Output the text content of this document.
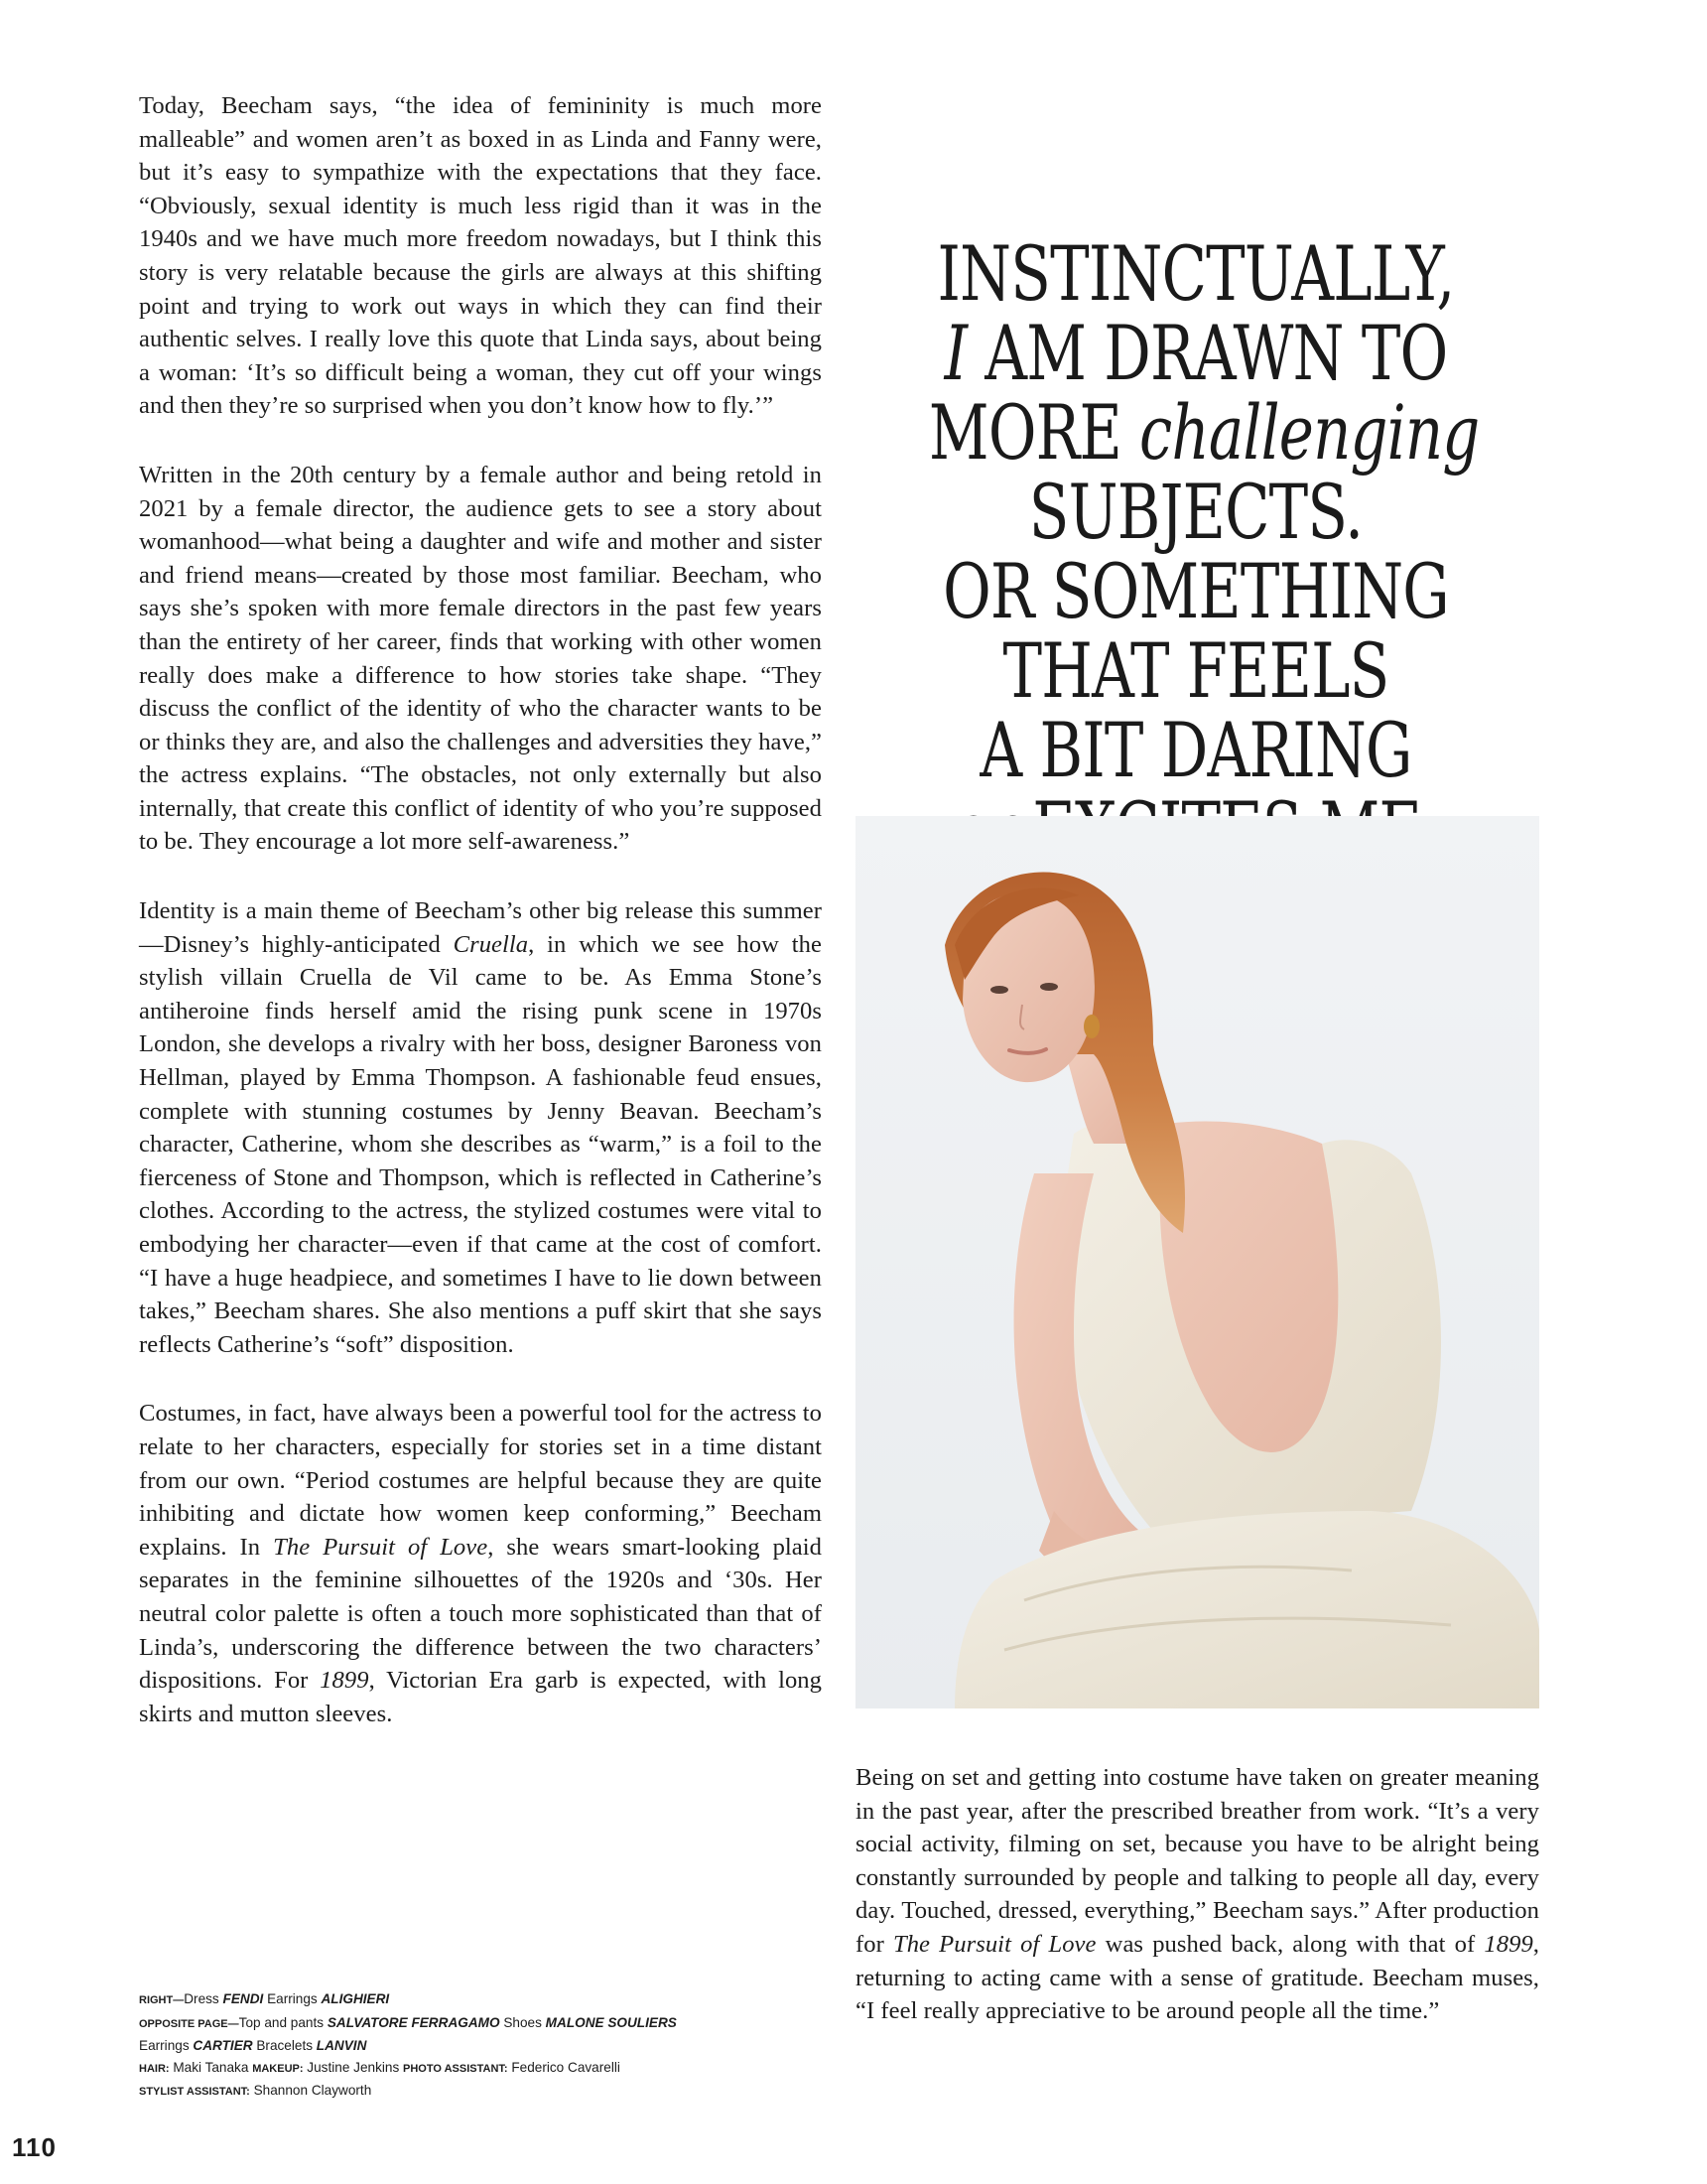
Today, Beecham says, “the idea of femininity is much more malleable” and women aren’t as boxed in as Linda and Fanny were, but it’s easy to sympathize with the expectations that they face. “Obviously, sexual identity is much less rigid than it was in the 1940s and we have much more freedom nowadays, but I think this story is very relatable because the girls are always at this shifting point and trying to work out ways in which they can find their authentic selves. I really love this quote that Linda says, about being a woman: ‘It’s so difficult being a woman, they cut off your wings and then they’re so surprised when you don’t know how to fly.’”

Written in the 20th century by a female author and being retold in 2021 by a female director, the audience gets to see a story about womanhood—what being a daughter and wife and mother and sister and friend means—created by those most familiar. Beecham, who says she’s spoken with more female directors in the past few years than the entirety of her career, finds that working with other women really does make a difference to how stories take shape. “They discuss the conflict of the identity of who the character wants to be or thinks they are, and also the challenges and adversities they have,” the actress explains. “The obstacles, not only externally but also internally, that create this conflict of identity of who you’re supposed to be. They encourage a lot more self-awareness.”

Identity is a main theme of Beecham’s other big release this summer—Disney’s highly-anticipated Cruella, in which we see how the stylish villain Cruella de Vil came to be. As Emma Stone’s antiheroine finds herself amid the rising punk scene in 1970s London, she develops a rivalry with her boss, designer Baroness von Hellman, played by Emma Thompson. A fashionable feud ensues, complete with stunning costumes by Jenny Beavan. Beecham’s character, Catherine, whom she describes as “warm,” is a foil to the fierceness of Stone and Thompson, which is reflected in Catherine’s clothes. According to the actress, the stylized costumes were vital to embodying her character—even if that came at the cost of comfort. “I have a huge headpiece, and sometimes I have to lie down between takes,” Beecham shares. She also mentions a puff skirt that she says reflects Catherine’s “soft” disposition.

Costumes, in fact, have always been a powerful tool for the actress to relate to her characters, especially for stories set in a time distant from our own. “Period costumes are helpful because they are quite inhibiting and dictate how women keep conforming,” Beecham explains. In The Pursuit of Love, she wears smart-looking plaid separates in the feminine silhouettes of the 1920s and ‘30s. Her neutral color palette is often a touch more sophisticated than that of Linda’s, underscoring the difference between the two characters’ dispositions. For 1899, Victorian Era garb is expected, with long skirts and mutton sleeves.

INSTINCTUALLY,
I AM DRAWN TO
MORE challenging
SUBJECTS.
OR SOMETHING
THAT FEELS
A BIT DARING

Being on set and getting into costume have taken on greater meaning in the past year, after the prescribed breather from work. “It’s a very social activity, filming on set, because you have to be alright being constantly surrounded by people and talking to people all day, every day. Touched, dressed, everything,” Beecham says.” After production for The Pursuit of Love was pushed back, along with that of 1899, returning to acting came with a sense of gratitude. Beecham muses, “I feel really appreciative to be around people all the time.”

RIGHT—Dress FENDI Earrings ALIGHIERI
OPPOSITE PAGE—Top and pants SALVATORE FERRAGAMO Shoes MALONE SOULIERS
Earrings CARTIER Bracelets LANVIN
HAIR: Maki Tanaka MAKEUP: Justine Jenkins PHOTO ASSISTANT: Federico Cavarelli
STYLIST ASSISTANT: Shannon Clayworth
110
